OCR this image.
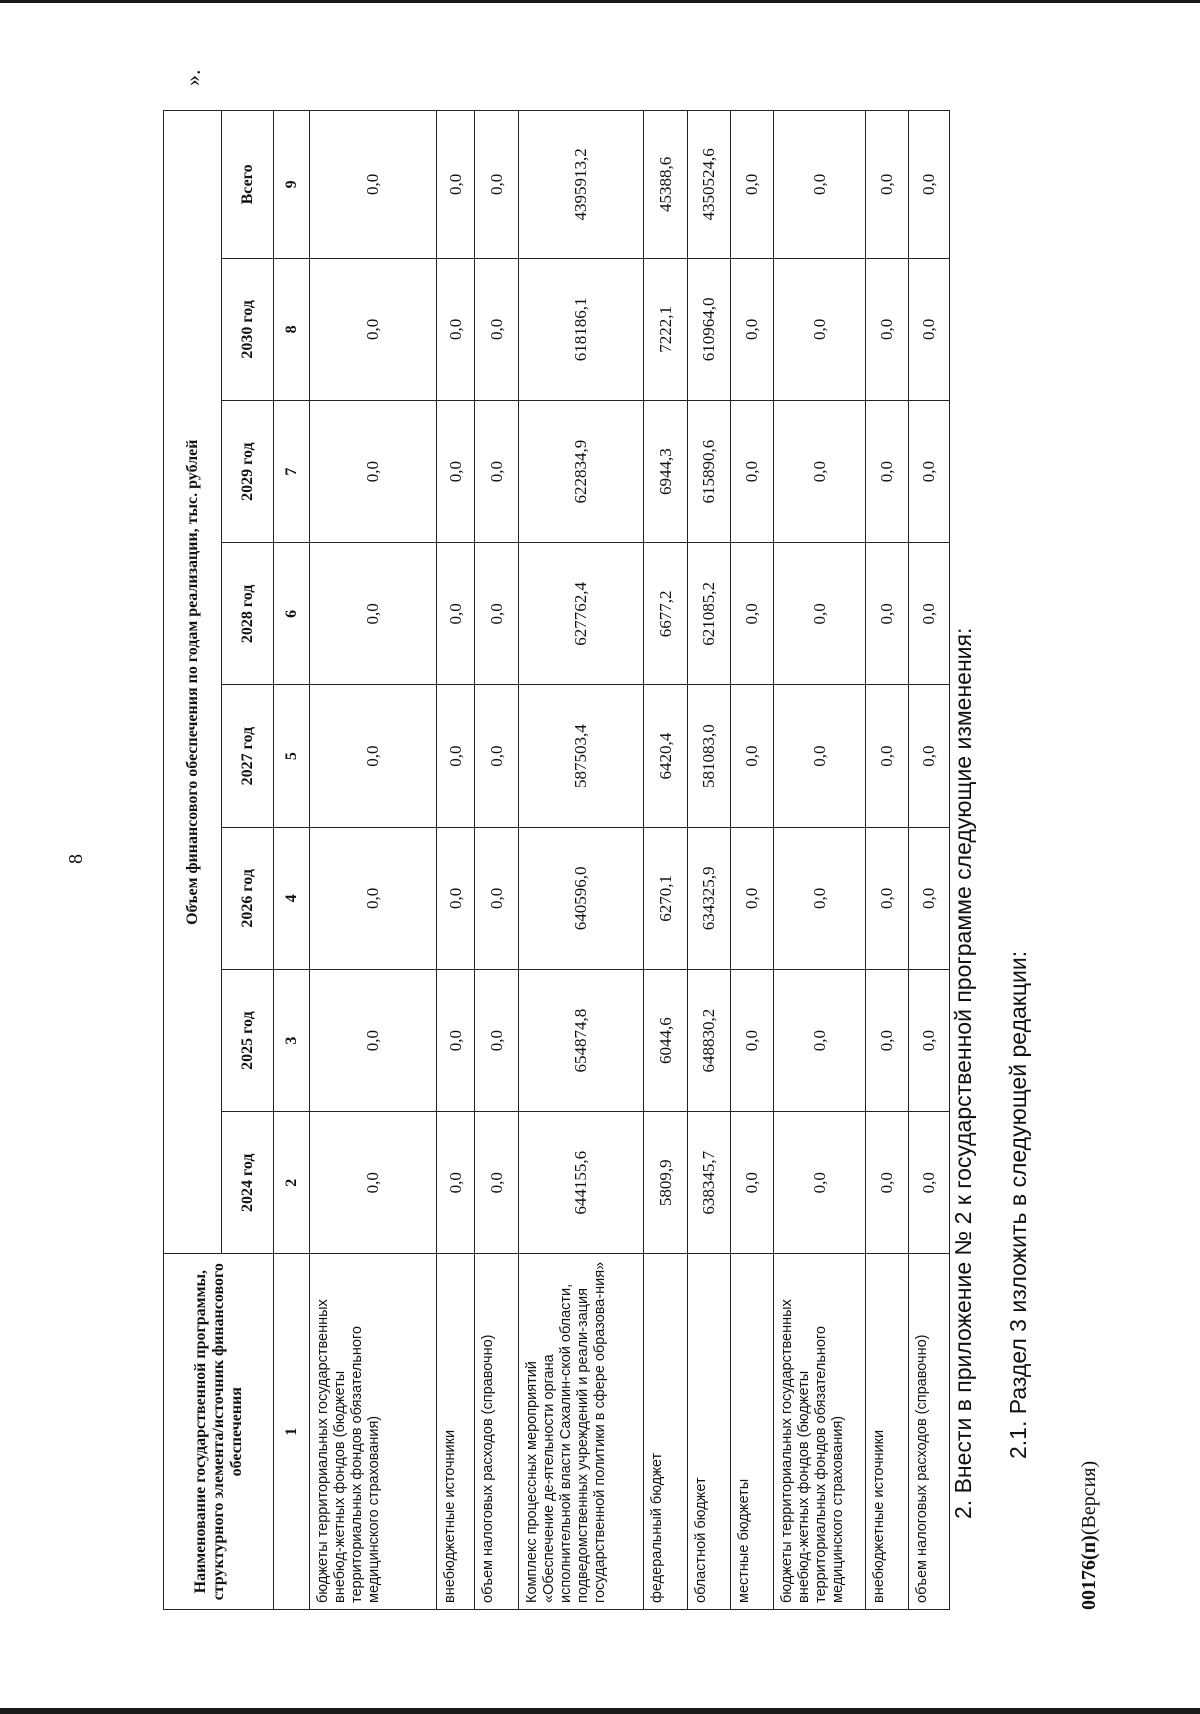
8
Наименование государственной программы, структурного элемента/источник финансового обеспечения	Объем финансового обеспечения по годам реализации, тыс. рублей							
	2024 год	2025 год	2026 год	2027 год	2028 год	2029 год	2030 год	Всего
1	2	3	4	5	6	7	8	9
бюджеты территориальных государственных внебюд-жетных фондов (бюджеты территориальных фондов обязательного медицинского страхования)	0,0	0,0	0,0	0,0	0,0	0,0	0,0	0,0
внебюджетные источники	0,0	0,0	0,0	0,0	0,0	0,0	0,0	0,0
объем налоговых расходов (справочно)	0,0	0,0	0,0	0,0	0,0	0,0	0,0	0,0
Комплекс процессных мероприятий «Обеспечение де-ятельности органа исполнительной власти Сахалин-ской области, подведомственных учреждений и реали-зация государственной политики в сфере образова-ния»	644155,6	654874,8	640596,0	587503,4	627762,4	622834,9	618186,1	4395913,2
федеральный бюджет	5809,9	6044,6	6270,1	6420,4	6677,2	6944,3	7222,1	45388,6
областной бюджет	638345,7	648830,2	634325,9	581083,0	621085,2	615890,6	610964,0	4350524,6
местные бюджеты	0,0	0,0	0,0	0,0	0,0	0,0	0,0	0,0
бюджеты территориальных государственных внебюд-жетных фондов (бюджеты территориальных фондов обязательного медицинского страхования)	0,0	0,0	0,0	0,0	0,0	0,0	0,0	0,0
внебюджетные источники	0,0	0,0	0,0	0,0	0,0	0,0	0,0	0,0
объем налоговых расходов (справочно)	0,0	0,0	0,0	0,0	0,0	0,0	0,0	0,0
».
2. Внести в приложение № 2 к государственной программе следующие изменения: 2.1. Раздел 3 изложить в следующей редакции:
00176(п)(Версия)
